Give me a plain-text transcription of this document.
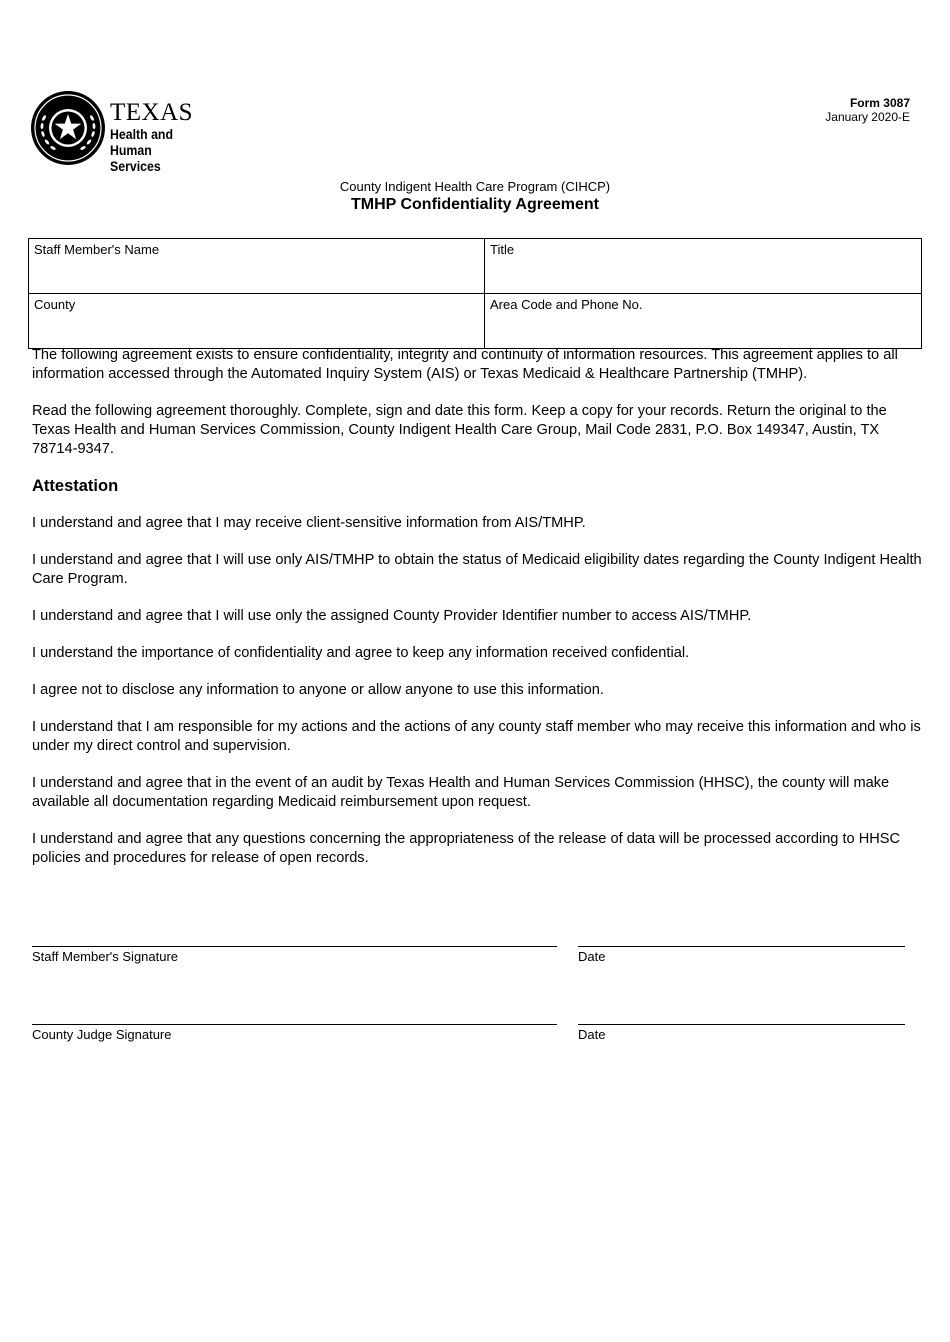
TEXAS
Health and Human
Services
Form 3087
January 2020-E
County Indigent Health Care Program (CIHCP)
TMHP Confidentiality Agreement
Staff Member's Name	Title
County	Area Code and Phone No.

The following agreement exists to ensure confidentiality, integrity and continuity of information resources. This agreement applies to all information accessed through the Automated Inquiry System (AIS) or Texas Medicaid & Healthcare Partnership (TMHP).

Read the following agreement thoroughly. Complete, sign and date this form. Keep a copy for your records. Return the original to the Texas Health and Human Services Commission, County Indigent Health Care Group, Mail Code 2831, P.O. Box 149347, Austin, TX 78714-9347.

Attestation

I understand and agree that I may receive client-sensitive information from AIS/TMHP.

I understand and agree that I will use only AIS/TMHP to obtain the status of Medicaid eligibility dates regarding the County Indigent Health Care Program.

I understand and agree that I will use only the assigned County Provider Identifier number to access AIS/TMHP.

I understand the importance of confidentiality and agree to keep any information received confidential.

I agree not to disclose any information to anyone or allow anyone to use this information.

I understand that I am responsible for my actions and the actions of any county staff member who may receive this information and who is under my direct control and supervision.

I understand and agree that in the event of an audit by Texas Health and Human Services Commission (HHSC), the county will make available all documentation regarding Medicaid reimbursement upon request.

I understand and agree that any questions concerning the appropriateness of the release of data will be processed according to HHSC policies and procedures for release of open records.

Staff Member's Signature	Date
County Judge Signature	Date
